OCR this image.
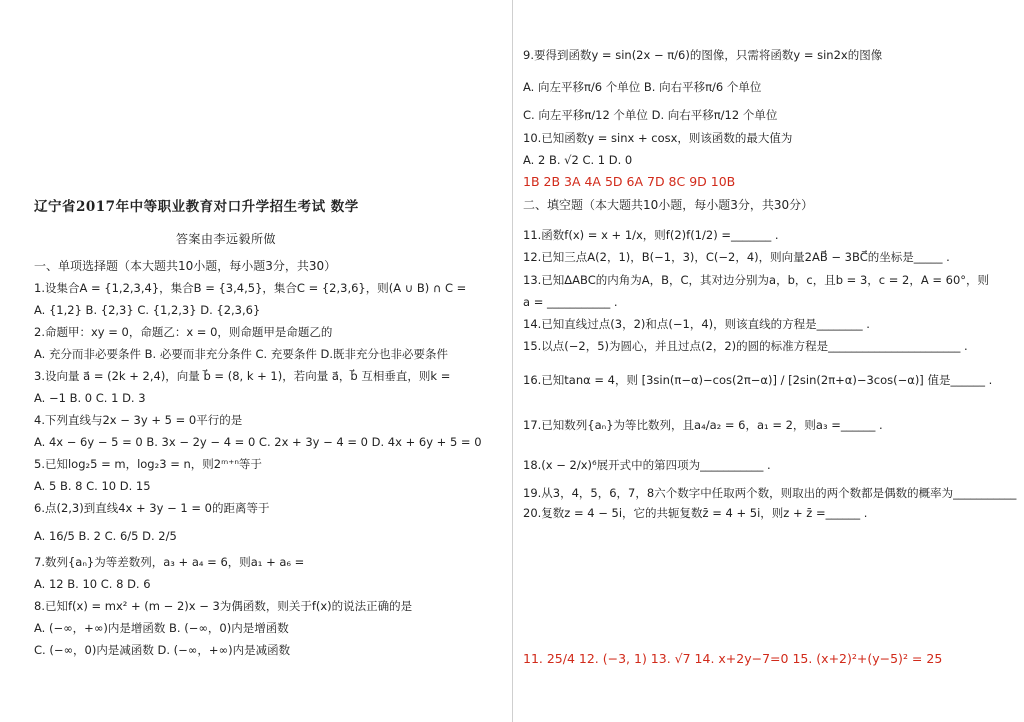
辽宁省2017年中等职业教育对口升学招生考试 数学
答案由李远毅所做
一、单项选择题（本大题共10小题，每小题3分，共30）
1.设集合A = {1,2,3,4}，集合B = {3,4,5}，集合C = {2,3,6}，则(A ∪ B) ∩ C =
A. {1,2} B. {2,3} C. {1,2,3} D. {2,3,6}
2.命题甲：xy = 0，命题乙：x = 0，则命题甲是命题乙的
A. 充分而非必要条件 B. 必要而非充分条件 C. 充要条件 D.既非充分也非必要条件
3.设向量 a⃗ = (2k + 2,4)，向量 b⃗ = (8, k + 1)，若向量 a⃗，b⃗ 互相垂直，则k =
A. −1 B. 0 C. 1 D. 3
4.下列直线与2x − 3y + 5 = 0平行的是
A. 4x − 6y − 5 = 0 B. 3x − 2y − 4 = 0 C. 2x + 3y − 4 = 0 D. 4x + 6y + 5 = 0
5.已知log₂5 = m，log₂3 = n，则2ᵐ⁺ⁿ等于
A. 5 B. 8 C. 10 D. 15
6.点(2,3)到直线4x + 3y − 1 = 0的距离等于
A. 16/5 B. 2 C. 6/5 D. 2/5
7.数列{aₙ}为等差数列，a₃ + a₄ = 6，则a₁ + a₆ =
A. 12 B. 10 C. 8 D. 6
8.已知f(x) = mx² + (m − 2)x − 3为偶函数，则关于f(x)的说法正确的是
A. (−∞，+∞)内是增函数 B. (−∞，0)内是增函数
C. (−∞，0)内是减函数 D. (−∞，+∞)内是减函数
9.要得到函数y = sin(2x − π/6)的图像，只需将函数y = sin2x的图像
A. 向左平移π/6 个单位 B. 向右平移π/6 个单位
C. 向左平移π/12 个单位 D. 向右平移π/12 个单位
10.已知函数y = sinx + cosx，则该函数的最大值为
A. 2 B. √2 C. 1 D. 0
1B 2B 3A 4A 5D 6A 7D 8C 9D 10B
二、填空题（本大题共10小题，每小题3分，共30分）
11.函数f(x) = x + 1/x，则f(2)f(1/2) =_______ .
12.已知三点A(2，1)，B(−1，3)，C(−2，4)，则向量2AB⃗ − 3BC⃗的坐标是_____ .
13.已知ΔABC的内角为A，B，C，其对边分别为a，b，c，且b = 3，c = 2，A = 60°，则
a = ___________ .
14.已知直线过点(3，2)和点(−1，4)，则该直线的方程是________ .
15.以点(−2，5)为圆心，并且过点(2，2)的圆的标准方程是_______________________ .
16.已知tanα = 4，则 [3sin(π−α)−cos(2π−α)] / [2sin(2π+α)−3cos(−α)] 值是______ .
17.已知数列{aₙ}为等比数列，且a₄/a₂ = 6，a₁ = 2，则a₃ =______ .
18.(x − 2/x)⁶展开式中的第四项为___________ .
19.从3，4，5，6，7，8六个数字中任取两个数，则取出的两个数都是偶数的概率为___________
20.复数z = 4 − 5i，它的共轭复数z̄ = 4 + 5i，则z + z̄ =______ .
11. 25/4 12. (−3, 1) 13. √7 14. x+2y−7=0 15. (x+2)²+(y−5)² = 25
